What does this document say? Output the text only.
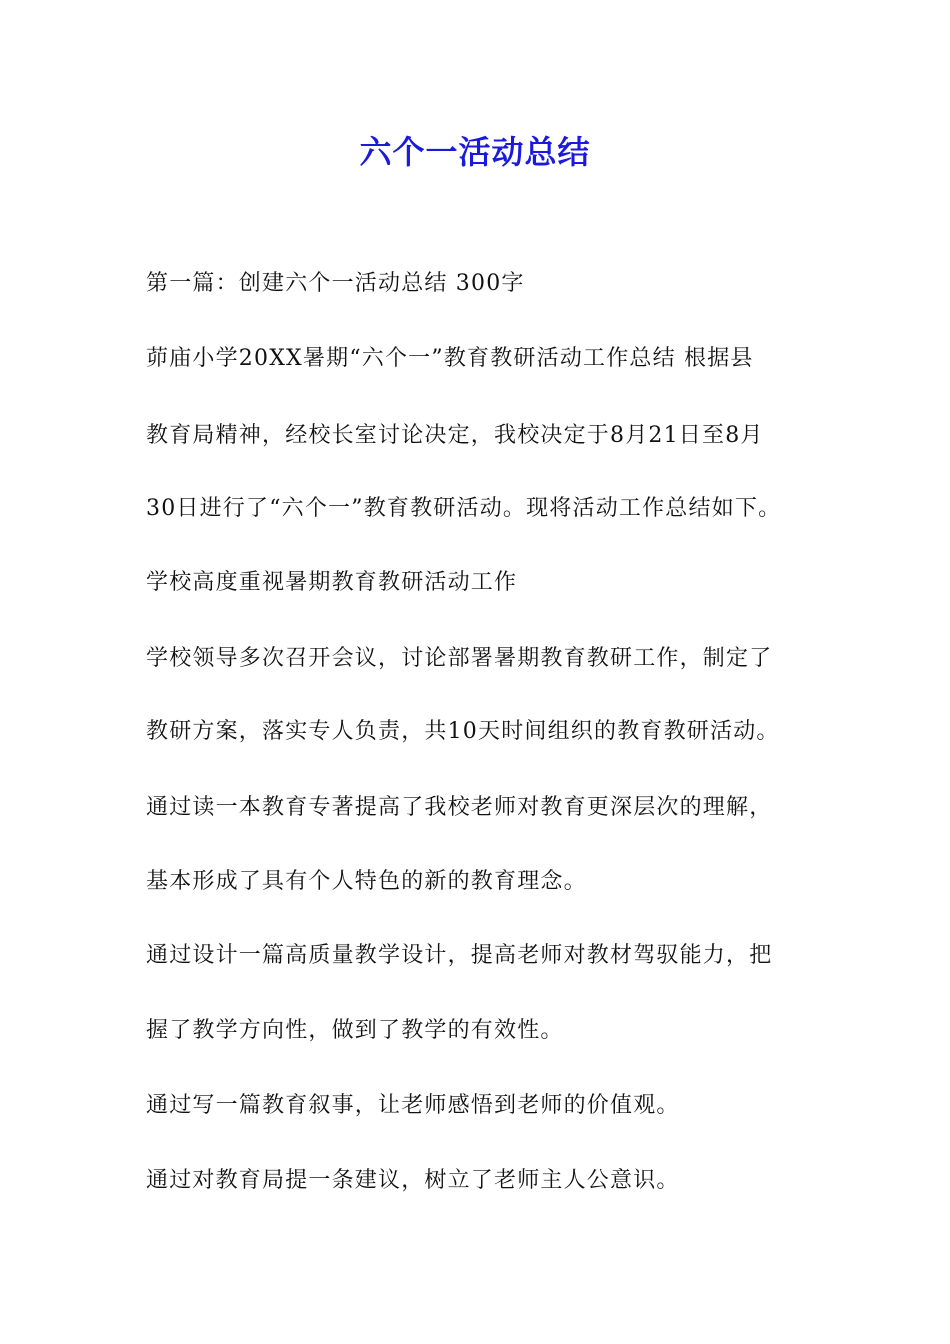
六个一活动总结
第一篇：创建六个一活动总结 300字
茆庙小学20XX暑期“六个一”教育教研活动工作总结 根据县
教育局精神，经校长室讨论决定，我校决定于8月21日至8月
30日进行了“六个一”教育教研活动。现将活动工作总结如下。
学校高度重视暑期教育教研活动工作
学校领导多次召开会议，讨论部署暑期教育教研工作，制定了
教研方案，落实专人负责，共10天时间组织的教育教研活动。
通过读一本教育专著提高了我校老师对教育更深层次的理解，
基本形成了具有个人特色的新的教育理念。
通过设计一篇高质量教学设计，提高老师对教材驾驭能力，把
握了教学方向性，做到了教学的有效性。
通过写一篇教育叙事，让老师感悟到老师的价值观。
通过对教育局提一条建议，树立了老师主人公意识。
